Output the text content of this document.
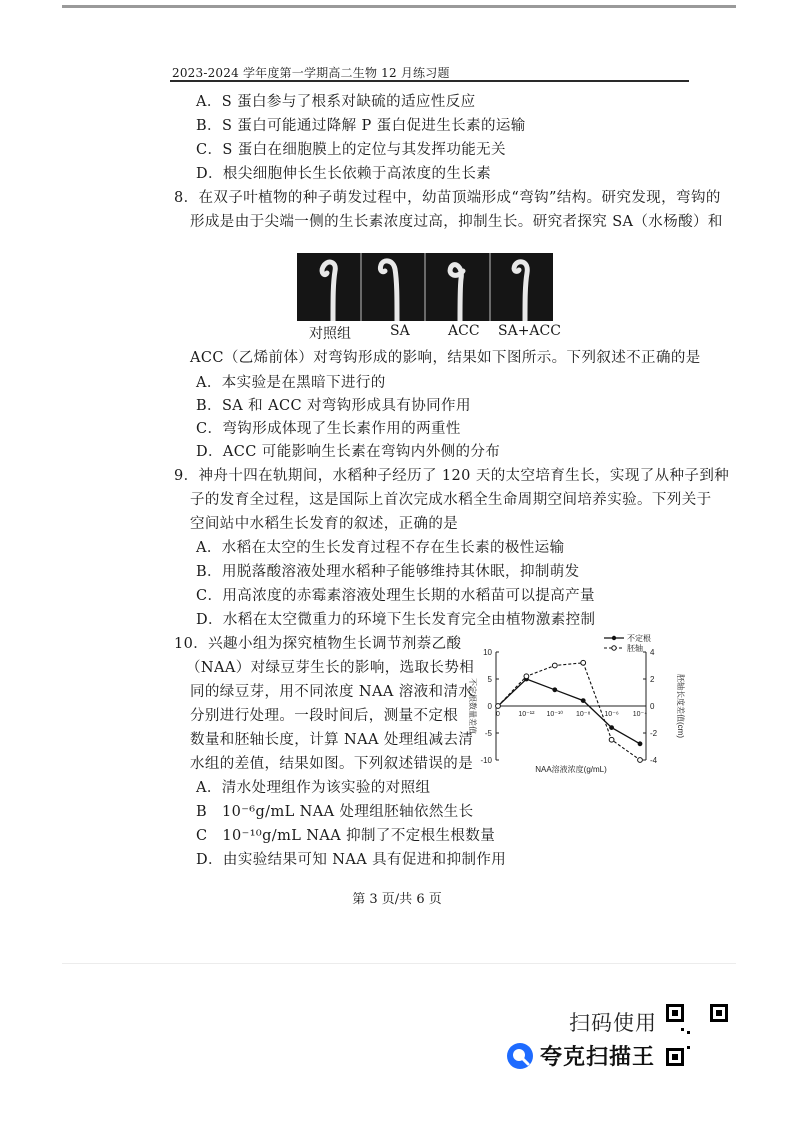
2023-2024 学年度第一学期高二生物 12 月练习题
A．S 蛋白参与了根系对缺硫的适应性反应
B．S 蛋白可能通过降解 P 蛋白促进生长素的运输
C．S 蛋白在细胞膜上的定位与其发挥功能无关
D．根尖细胞伸长生长依赖于高浓度的生长素
8．在双子叶植物的种子萌发过程中，幼苗顶端形成“弯钩”结构。研究发现，弯钩的
形成是由于尖端一侧的生长素浓度过高，抑制生长。研究者探究 SA（水杨酸）和
对照组	SA	ACC SA+ACC
ACC（乙烯前体）对弯钩形成的影响，结果如下图所示。下列叙述不正确的是
A．本实验是在黑暗下进行的
B．SA 和 ACC 对弯钩形成具有协同作用
C．弯钩形成体现了生长素作用的两重性
D．ACC 可能影响生长素在弯钩内外侧的分布
9．神舟十四在轨期间，水稻种子经历了 120 天的太空培育生长，实现了从种子到种
子的发育全过程，这是国际上首次完成水稻全生命周期空间培养实验。下列关于
空间站中水稻生长发育的叙述，正确的是
A．水稻在太空的生长发育过程不存在生长素的极性运输
B．用脱落酸溶液处理水稻种子能够维持其休眠，抑制萌发
C．用高浓度的赤霉素溶液处理生长期的水稻苗可以提高产量
D．水稻在太空微重力的环境下生长发育完全由植物激素控制
10．兴趣小组为探究植物生长调节剂萘乙酸
（NAA）对绿豆芽生长的影响，选取长势相
同的绿豆芽，用不同浓度 NAA 溶液和清水
分别进行处理。一段时间后，测量不定根
数量和胚轴长度，计算 NAA 处理组减去清
水组的差值，结果如图。下列叙述错误的是
A．清水处理组作为该实验的对照组
B　10⁻⁶g/mL NAA 处理组胚轴依然生长
C　10⁻¹⁰g/mL NAA 抑制了不定根生根数量
D．由实验结果可知 NAA 具有促进和抑制作用
10
5
0
-5
-10
4
2
0
-2
-4
0	10⁻¹² 10⁻¹⁰ 10⁻⁸ 10⁻⁶ 10⁻⁴
不定根数量差值	胚轴长度差值(cm)
NAA溶液浓度(g/mL)
不定根
胚轴
第 3 页/共 6 页
扫码使用
夸克扫描王
